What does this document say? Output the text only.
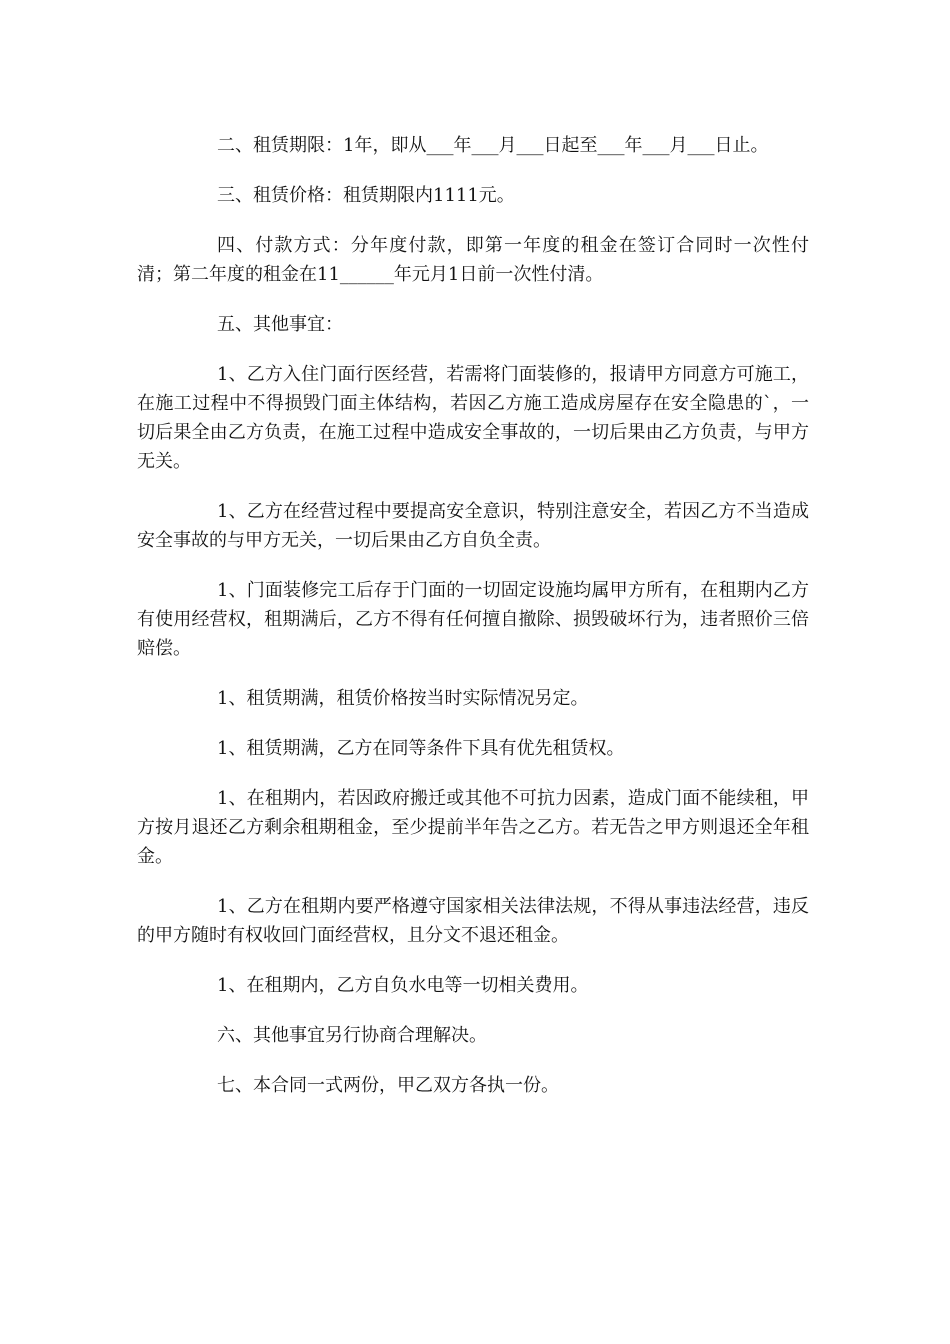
二、租赁期限：1年，即从___年___月___日起至___年___月___日止。

三、租赁价格：租赁期限内1111元。

四、付款方式：分年度付款，即第一年度的租金在签订合同时一次性付清；第二年度的租金在11______年元月1日前一次性付清。

五、其他事宜：

1、乙方入住门面行医经营，若需将门面装修的，报请甲方同意方可施工，在施工过程中不得损毁门面主体结构，若因乙方施工造成房屋存在安全隐患的`，一切后果全由乙方负责，在施工过程中造成安全事故的，一切后果由乙方负责，与甲方无关。

1、乙方在经营过程中要提高安全意识，特别注意安全，若因乙方不当造成安全事故的与甲方无关，一切后果由乙方自负全责。

1、门面装修完工后存于门面的一切固定设施均属甲方所有，在租期内乙方有使用经营权，租期满后，乙方不得有任何擅自撤除、损毁破坏行为，违者照价三倍赔偿。

1、租赁期满，租赁价格按当时实际情况另定。

1、租赁期满，乙方在同等条件下具有优先租赁权。

1、在租期内，若因政府搬迁或其他不可抗力因素，造成门面不能续租，甲方按月退还乙方剩余租期租金，至少提前半年告之乙方。若无告之甲方则退还全年租金。

1、乙方在租期内要严格遵守国家相关法律法规，不得从事违法经营，违反的甲方随时有权收回门面经营权，且分文不退还租金。

1、在租期内，乙方自负水电等一切相关费用。

六、其他事宜另行协商合理解决。

七、本合同一式两份，甲乙双方各执一份。
